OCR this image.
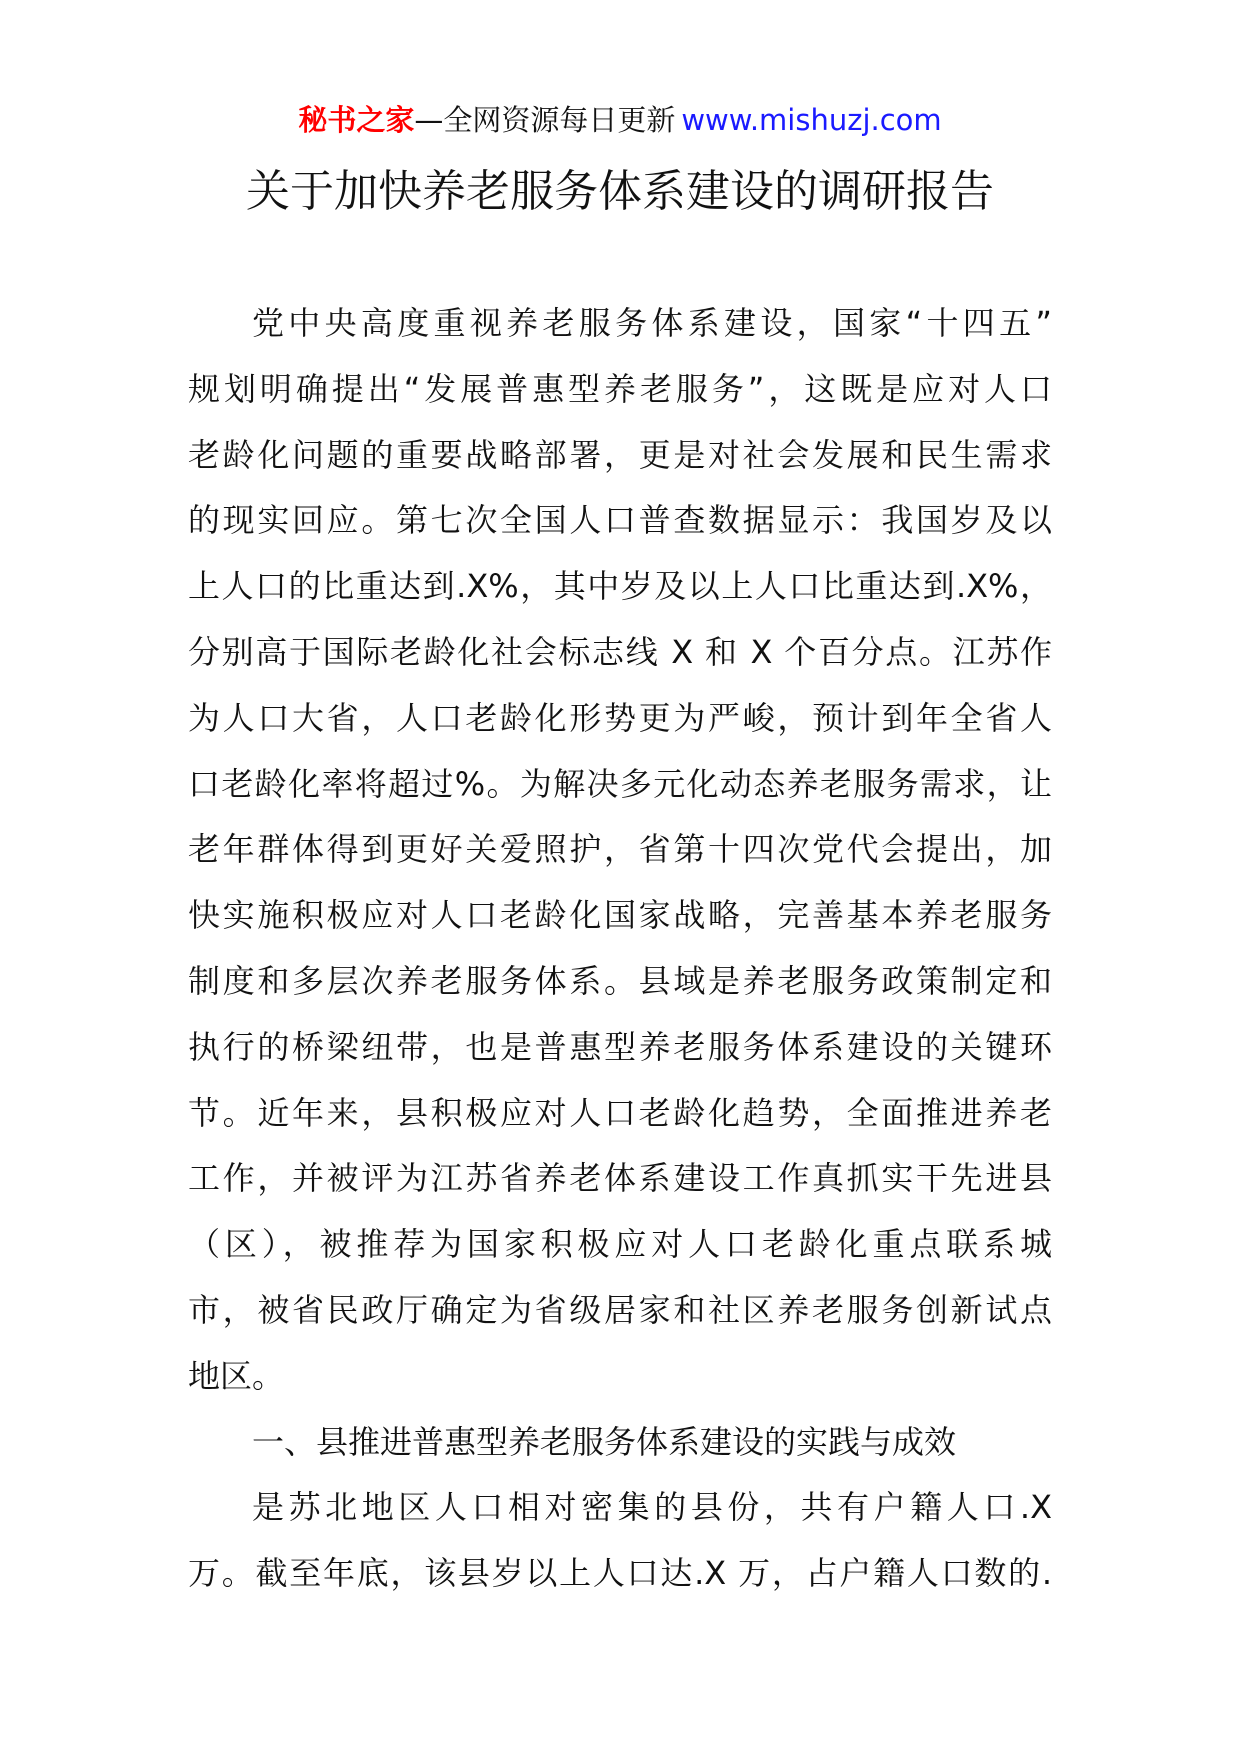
秘书之家—全网资源每日更新 www.mishuzj.com
关于加快养老服务体系建设的调研报告
党中央高度重视养老服务体系建设，国家“十四五”
规划明确提出“发展普惠型养老服务”，这既是应对人口
老龄化问题的重要战略部署，更是对社会发展和民生需求
的现实回应。第七次全国人口普查数据显示：我国岁及以
上人口的比重达到.X%，其中岁及以上人口比重达到.X%，
分别高于国际老龄化社会标志线 X 和 X 个百分点。江苏作
为人口大省，人口老龄化形势更为严峻，预计到年全省人
口老龄化率将超过%。为解决多元化动态养老服务需求，让
老年群体得到更好关爱照护，省第十四次党代会提出，加
快实施积极应对人口老龄化国家战略，完善基本养老服务
制度和多层次养老服务体系。县域是养老服务政策制定和
执行的桥梁纽带，也是普惠型养老服务体系建设的关键环
节。近年来，县积极应对人口老龄化趋势，全面推进养老
工作，并被评为江苏省养老体系建设工作真抓实干先进县
（区），被推荐为国家积极应对人口老龄化重点联系城
市，被省民政厅确定为省级居家和社区养老服务创新试点
地区。
一、县推进普惠型养老服务体系建设的实践与成效
是苏北地区人口相对密集的县份，共有户籍人口.X
万。截至年底，该县岁以上人口达.X 万，占户籍人口数的.
